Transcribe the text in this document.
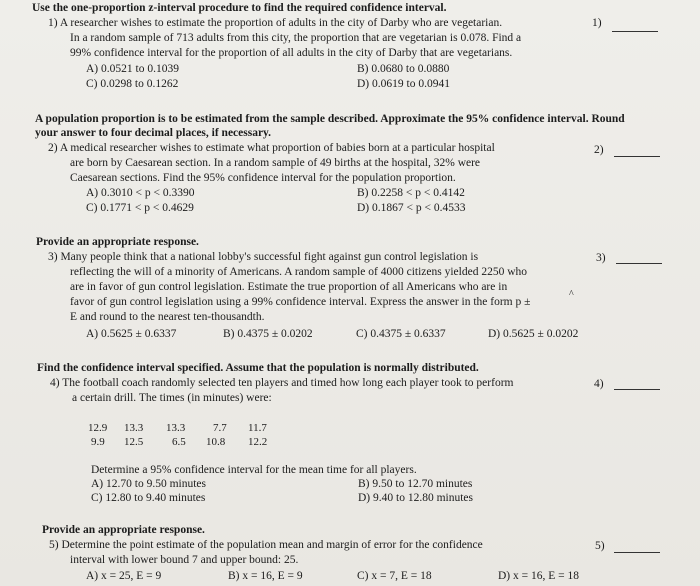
Use the one-proportion z-interval procedure to find the required confidence interval.
1) A researcher wishes to estimate the proportion of adults in the city of Darby who are vegetarian.
In a random sample of 713 adults from this city, the proportion that are vegetarian is 0.078. Find a
99% confidence interval for the proportion of all adults in the city of Darby that are vegetarians.
A) 0.0521 to 0.1039	B) 0.0680 to 0.0880
C) 0.0298 to 0.1262	D) 0.0619 to 0.0941
1)
A population proportion is to be estimated from the sample described. Approximate the 95% confidence interval. Round
your answer to four decimal places, if necessary.
2) A medical researcher wishes to estimate what proportion of babies born at a particular hospital
are born by Caesarean section. In a random sample of 49 births at the hospital, 32% were
Caesarean sections. Find the 95% confidence interval for the population proportion.
A) 0.3010 < p < 0.3390	B) 0.2258 < p < 0.4142
C) 0.1771 < p < 0.4629	D) 0.1867 < p < 0.4533
2)
Provide an appropriate response.
3) Many people think that a national lobby's successful fight against gun control legislation is
reflecting the will of a minority of Americans. A random sample of 4000 citizens yielded 2250 who
are in favor of gun control legislation. Estimate the true proportion of all Americans who are in
^
favor of gun control legislation using a 99% confidence interval. Express the answer in the form p ±
E and round to the nearest ten-thousandth.
A) 0.5625 ± 0.6337	B) 0.4375 ± 0.0202	C) 0.4375 ± 0.6337	D) 0.5625 ± 0.0202
3)
Find the confidence interval specified. Assume that the population is normally distributed.
4) The football coach randomly selected ten players and timed how long each player took to perform
a certain drill. The times (in minutes) were:
12.9 13.3 13.3	7.7 11.7
9.9 12.5	6.5 10.8 12.2
Determine a 95% confidence interval for the mean time for all players.
A) 12.70 to 9.50 minutes	B) 9.50 to 12.70 minutes
C) 12.80 to 9.40 minutes	D) 9.40 to 12.80 minutes
4)
Provide an appropriate response.
5) Determine the point estimate of the population mean and margin of error for the confidence
interval with lower bound 7 and upper bound: 25.
A) x = 25, E = 9	B) x = 16, E = 9	C) x = 7, E = 18	D) x = 16, E = 18
5)
